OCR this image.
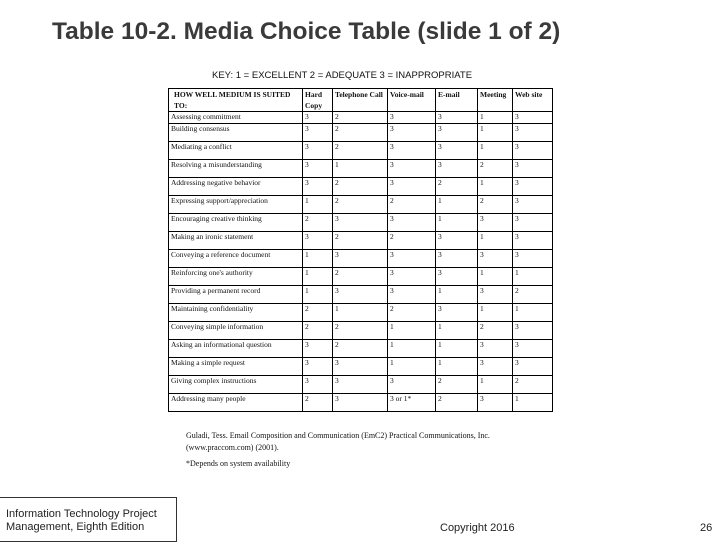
Table 10-2. Media Choice Table (slide 1 of 2)
KEY: 1 = EXCELLENT 2 = ADEQUATE 3 = INAPPROPRIATE
HOW WELL MEDIUM IS SUITED TO:	Hard Copy	Telephone Call	Voice-mail	E-mail	Meeting	Web site
Assessing commitment	3	2	3	3	1	3
Building consensus	3	2	3	3	1	3
Mediating a conflict	3	2	3	3	1	3
Resolving a misunderstanding	3	1	3	3	2	3
Addressing negative behavior	3	2	3	2	1	3
Expressing support/appreciation	1	2	2	1	2	3
Encouraging creative thinking	2	3	3	1	3	3
Making an ironic statement	3	2	2	3	1	3
Conveying a reference document	1	3	3	3	3	3
Reinforcing one's authority	1	2	3	3	1	1
Providing a permanent record	1	3	3	1	3	2
Maintaining confidentiality	2	1	2	3	1	1
Conveying simple information	2	2	1	1	2	3
Asking an informational question	3	2	1	1	3	3
Making a simple request	3	3	1	1	3	3
Giving complex instructions	3	3	3	2	1	2
Addressing many people	2	3	3 or 1*	2	3	1
Guladi, Tess. Email Composition and Communication (EmC2) Practical Communications, Inc. (www.praccom.com) (2001).
*Depends on system availability
Information Technology Project
Management, Eighth Edition	Copyright 2016	26
